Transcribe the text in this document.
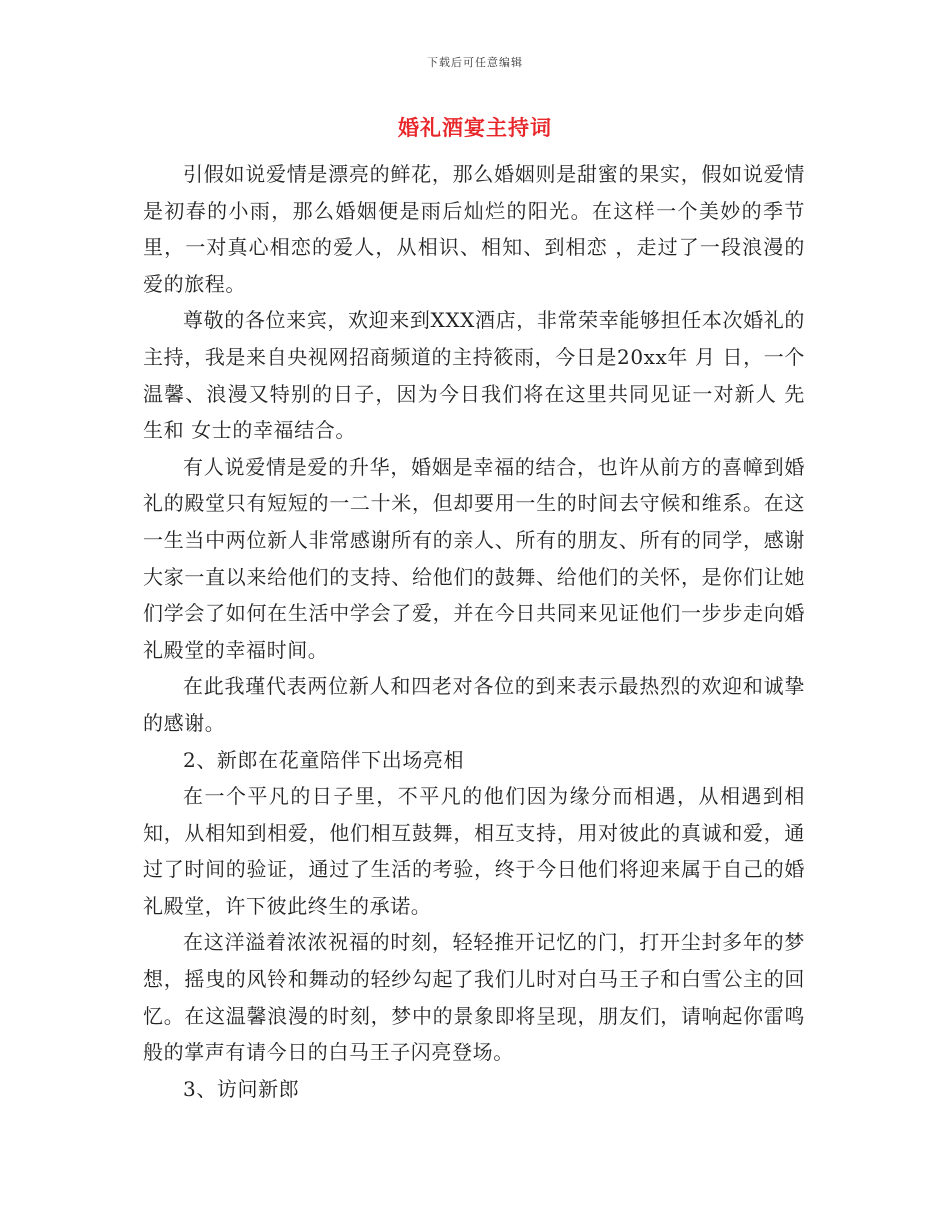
下载后可任意编辑
婚礼酒宴主持词

引假如说爱情是漂亮的鲜花，那么婚姻则是甜蜜的果实，假如说爱情是初春的小雨，那么婚姻便是雨后灿烂的阳光。在这样一个美妙的季节里，一对真心相恋的爱人，从相识、相知、到相恋 ，走过了一段浪漫的爱的旅程。

尊敬的各位来宾，欢迎来到XXX酒店，非常荣幸能够担任本次婚礼的主持，我是来自央视网招商频道的主持筱雨，今日是20xx年 月 日，一个温馨、浪漫又特别的日子，因为今日我们将在这里共同见证一对新人 先生和 女士的幸福结合。

有人说爱情是爱的升华，婚姻是幸福的结合，也许从前方的喜幛到婚礼的殿堂只有短短的一二十米，但却要用一生的时间去守候和维系。在这一生当中两位新人非常感谢所有的亲人、所有的朋友、所有的同学，感谢大家一直以来给他们的支持、给他们的鼓舞、给他们的关怀，是你们让她们学会了如何在生活中学会了爱，并在今日共同来见证他们一步步走向婚礼殿堂的幸福时间。

在此我瑾代表两位新人和四老对各位的到来表示最热烈的欢迎和诚挚的感谢。

2、新郎在花童陪伴下出场亮相

在一个平凡的日子里，不平凡的他们因为缘分而相遇，从相遇到相知，从相知到相爱，他们相互鼓舞，相互支持，用对彼此的真诚和爱，通过了时间的验证，通过了生活的考验，终于今日他们将迎来属于自己的婚礼殿堂，许下彼此终生的承诺。

在这洋溢着浓浓祝福的时刻，轻轻推开记忆的门，打开尘封多年的梦想，摇曳的风铃和舞动的轻纱勾起了我们儿时对白马王子和白雪公主的回忆。在这温馨浪漫的时刻，梦中的景象即将呈现，朋友们，请响起你雷鸣般的掌声有请今日的白马王子闪亮登场。

3、访问新郎
